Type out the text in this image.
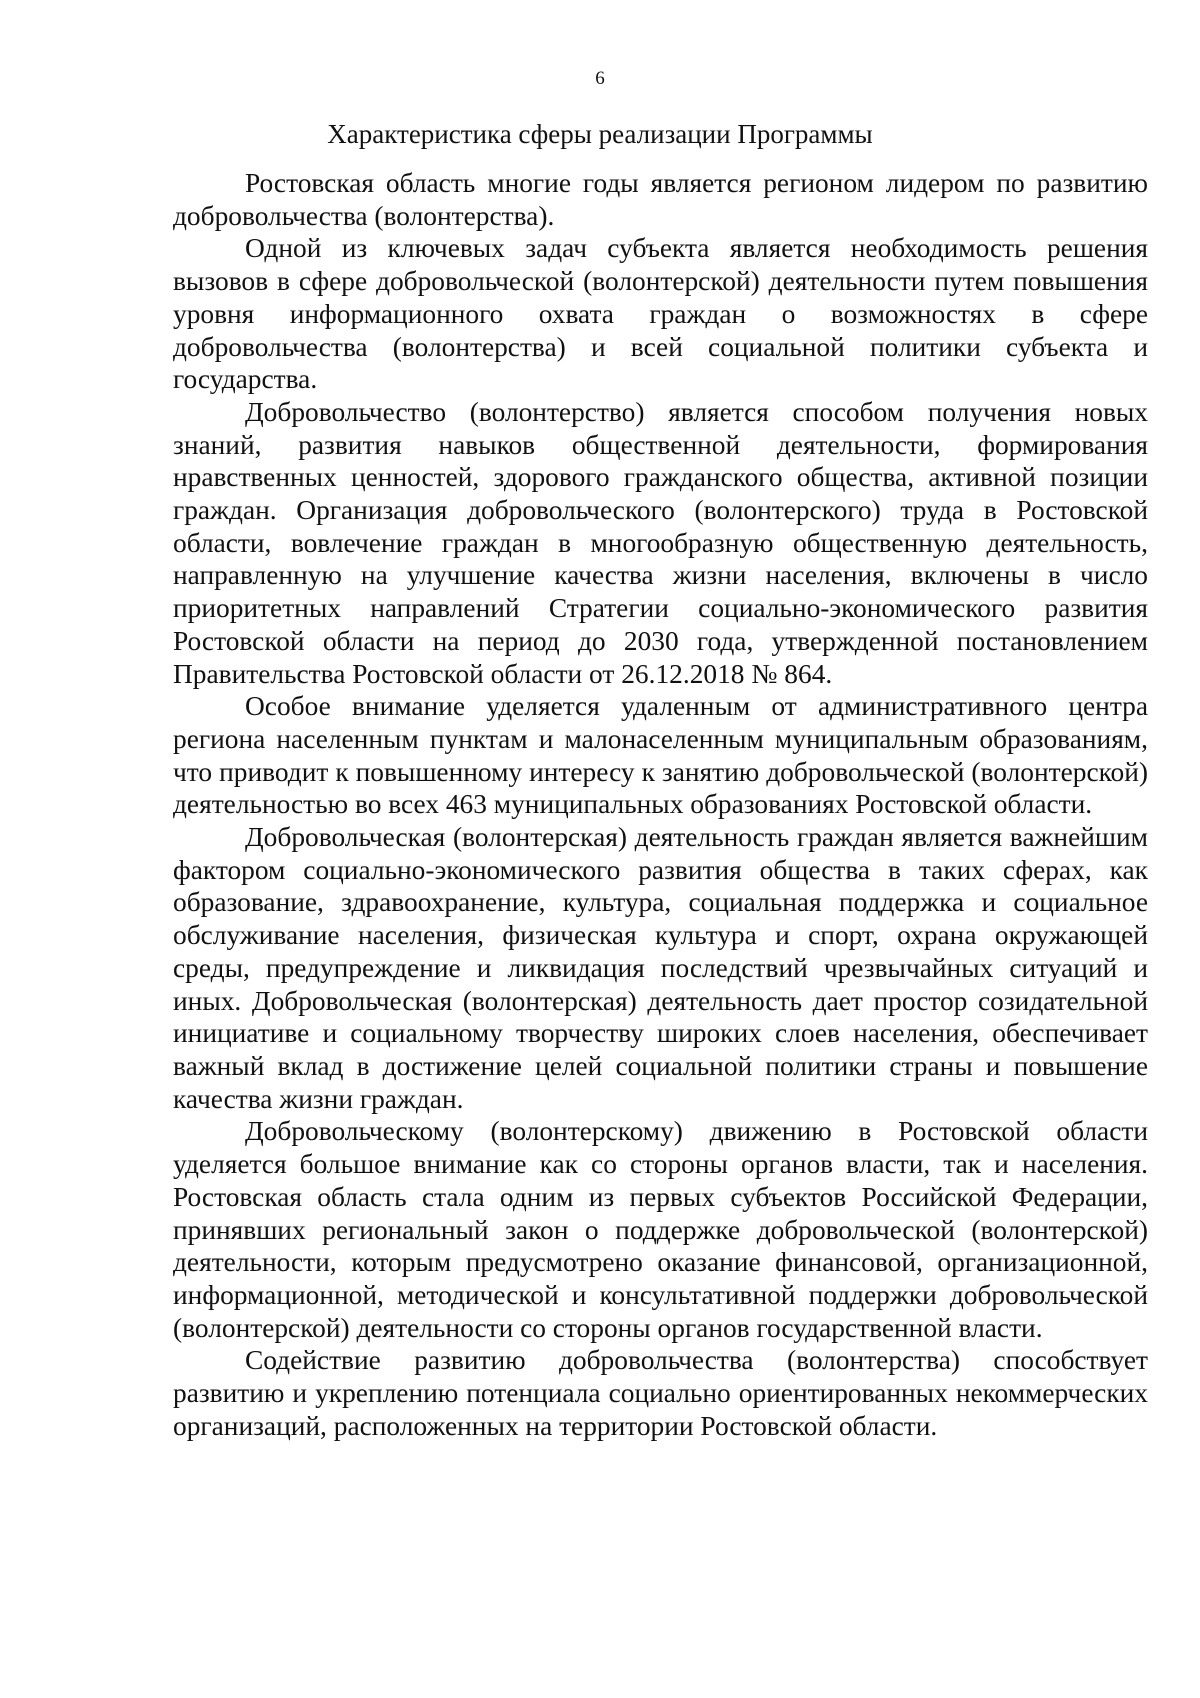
6
Характеристика сферы реализации Программы

Ростовская область многие годы является регионом лидером по развитию добровольчества (волонтерства).

Одной из ключевых задач субъекта является необходимость решения вызовов в сфере добровольческой (волонтерской) деятельности путем повышения уровня информационного охвата граждан о возможностях в сфере добровольчества (волонтерства) и всей социальной политики субъекта и государства.

Добровольчество (волонтерство) является способом получения новых знаний, развития навыков общественной деятельности, формирования нравственных ценностей, здорового гражданского общества, активной позиции граждан. Организация добровольческого (волонтерского) труда в Ростовской области, вовлечение граждан в многообразную общественную деятельность, направленную на улучшение качества жизни населения, включены в число приоритетных направлений Стратегии социально-экономического развития Ростовской области на период до 2030 года, утвержденной постановлением Правительства Ростовской области от 26.12.2018 № 864.

Особое внимание уделяется удаленным от административного центра региона населенным пунктам и малонаселенным муниципальным образованиям, что приводит к повышенному интересу к занятию добровольческой (волонтерской) деятельностью во всех 463 муниципальных образованиях Ростовской области.

Добровольческая (волонтерская) деятельность граждан является важнейшим фактором социально-экономического развития общества в таких сферах, как образование, здравоохранение, культура, социальная поддержка и социальное обслуживание населения, физическая культура и спорт, охрана окружающей среды, предупреждение и ликвидация последствий чрезвычайных ситуаций и иных. Добровольческая (волонтерская) деятельность дает простор созидательной инициативе и социальному творчеству широких слоев населения, обеспечивает важный вклад в достижение целей социальной политики страны и повышение качества жизни граждан.

Добровольческому (волонтерскому) движению в Ростовской области уделяется большое внимание как со стороны органов власти, так и населения. Ростовская область стала одним из первых субъектов Российской Федерации, принявших региональный закон о поддержке добровольческой (волонтерской) деятельности, которым предусмотрено оказание финансовой, организационной, информационной, методической и консультативной поддержки добровольческой (волонтерской) деятельности со стороны органов государственной власти.

Содействие развитию добровольчества (волонтерства) способствует развитию и укреплению потенциала социально ориентированных некоммерческих организаций, расположенных на территории Ростовской области.
